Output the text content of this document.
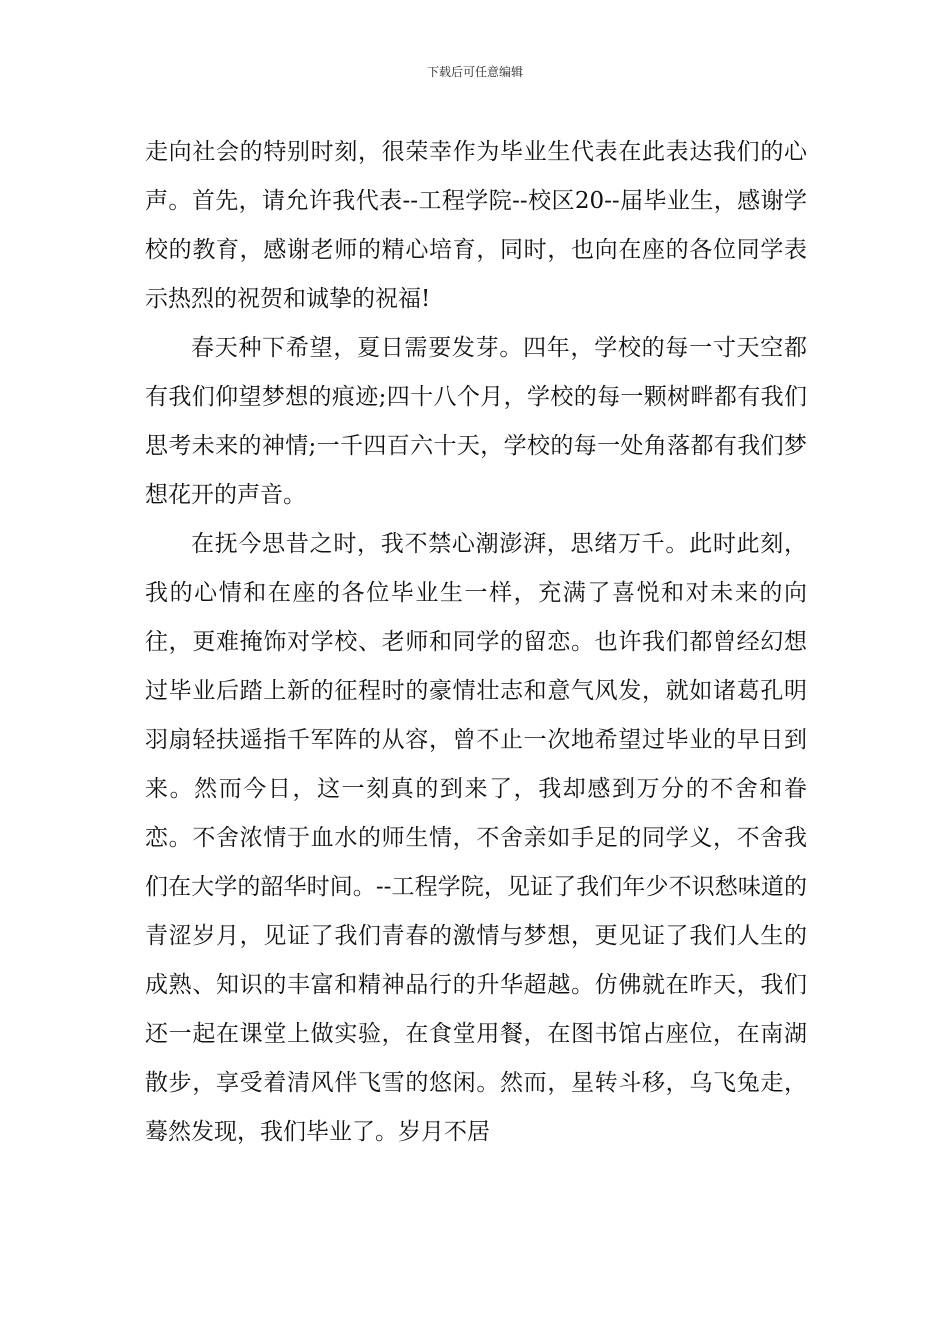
下载后可任意编辑

走向社会的特别时刻，很荣幸作为毕业生代表在此表达我们的心声。首先，请允许我代表--工程学院--校区20--届毕业生，感谢学校的教育，感谢老师的精心培育，同时，也向在座的各位同学表示热烈的祝贺和诚挚的祝福!

春天种下希望，夏日需要发芽。四年，学校的每一寸天空都有我们仰望梦想的痕迹;四十八个月，学校的每一颗树畔都有我们思考未来的神情;一千四百六十天，学校的每一处角落都有我们梦想花开的声音。

在抚今思昔之时，我不禁心潮澎湃，思绪万千。此时此刻，我的心情和在座的各位毕业生一样，充满了喜悦和对未来的向往，更难掩饰对学校、老师和同学的留恋。也许我们都曾经幻想过毕业后踏上新的征程时的豪情壮志和意气风发，就如诸葛孔明羽扇轻扶遥指千军阵的从容，曾不止一次地希望过毕业的早日到来。然而今日，这一刻真的到来了，我却感到万分的不舍和眷恋。不舍浓情于血水的师生情，不舍亲如手足的同学义，不舍我们在大学的韶华时间。--工程学院，见证了我们年少不识愁味道的青涩岁月，见证了我们青春的激情与梦想，更见证了我们人生的成熟、知识的丰富和精神品行的升华超越。仿佛就在昨天，我们还一起在课堂上做实验，在食堂用餐，在图书馆占座位，在南湖散步，享受着清风伴飞雪的悠闲。然而，星转斗移，乌飞兔走，蓦然发现，我们毕业了。岁月不居
